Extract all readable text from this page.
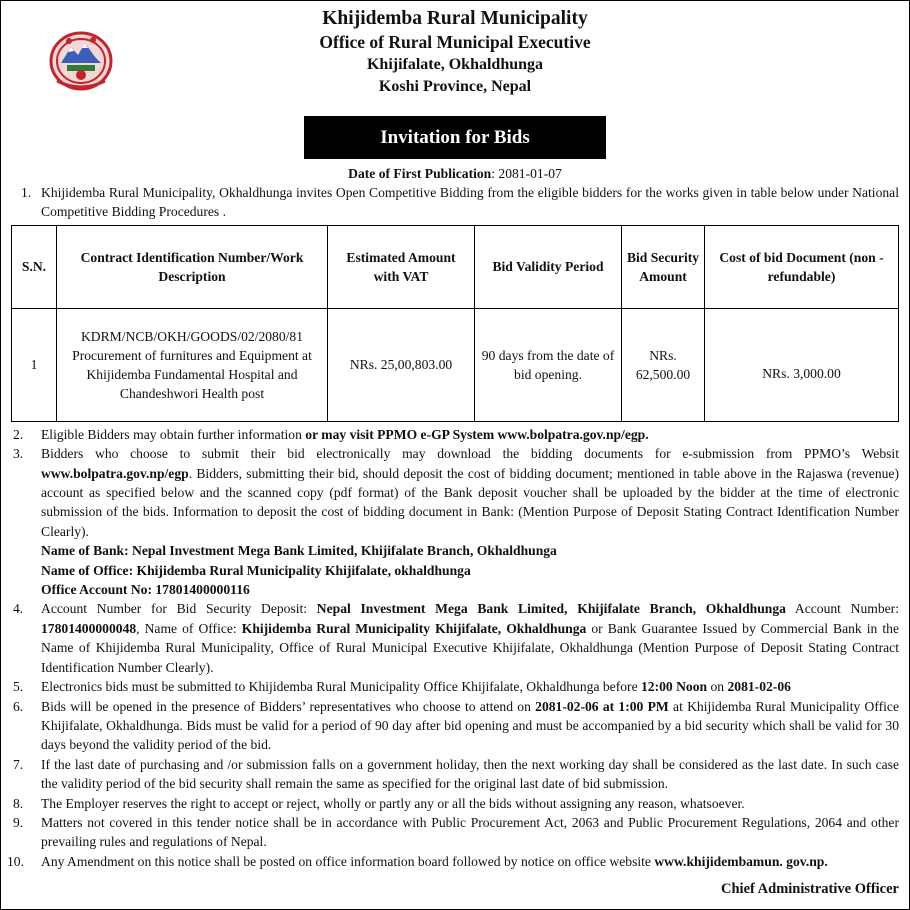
Khijidemba Rural Municipality
Office of Rural Municipal Executive
Khijifalate, Okhaldhunga
Koshi Province, Nepal
Invitation for Bids
Date of First Publication: 2081-01-07
1. Khijidemba Rural Municipality, Okhaldhunga invites Open Competitive Bidding from the eligible bidders for the works given in table below under National Competitive Bidding Procedures .
S.N.	Contract Identification Number/Work Description	Estimated Amount with VAT	Bid Validity Period	Bid Security Amount	Cost of bid Document (non -refundable)
1	KDRM/NCB/OKH/GOODS/02/2080/81 Procurement of furnitures and Equipment at Khijidemba Fundamental Hospital and Chandeshwori Health post	NRs. 25,00,803.00	90 days from the date of bid opening.	NRs. 62,500.00	NRs. 3,000.00
2.	Eligible Bidders may obtain further information or may visit PPMO e-GP System www.bolpatra.gov.np/egp.
3.	Bidders who choose to submit their bid electronically may download the bidding documents for e-submission from PPMO’s Websit www.bolpatra.gov.np/egp. Bidders, submitting their bid, should deposit the cost of bidding document; mentioned in table above in the Rajaswa (revenue) account as specified below and the scanned copy (pdf format) of the Bank deposit voucher shall be uploaded by the bidder at the time of electronic submission of the bids. Information to deposit the cost of bidding document in Bank: (Mention Purpose of Deposit Stating Contract Identification Number Clearly).
Name of Bank: Nepal Investment Mega Bank Limited, Khijifalate Branch, Okhaldhunga
Name of Office: Khijidemba Rural Municipality Khijifalate, okhaldhunga
Office Account No: 17801400000116
4.	Account Number for Bid Security Deposit: Nepal Investment Mega Bank Limited, Khijifalate Branch, Okhaldhunga Account Number: 17801400000048, Name of Office: Khijidemba Rural Municipality Khijifalate, Okhaldhunga or Bank Guarantee Issued by Commercial Bank in the Name of Khijidemba Rural Municipality, Office of Rural Municipal Executive Khijifalate, Okhaldhunga (Mention Purpose of Deposit Stating Contract Identification Number Clearly).
5.	Electronics bids must be submitted to Khijidemba Rural Municipality Office Khijifalate, Okhaldhunga before 12:00 Noon on 2081-02-06
6.	Bids will be opened in the presence of Bidders’ representatives who choose to attend on 2081-02-06 at 1:00 PM at Khijidemba Rural Municipality Office Khijifalate, Okhaldhunga. Bids must be valid for a period of 90 day after bid opening and must be accompanied by a bid security which shall be valid for 30 days beyond the validity period of the bid.
7.	If the last date of purchasing and /or submission falls on a government holiday, then the next working day shall be considered as the last date. In such case the validity period of the bid security shall remain the same as specified for the original last date of bid submission.
8.	The Employer reserves the right to accept or reject, wholly or partly any or all the bids without assigning any reason, whatsoever.
9.	Matters not covered in this tender notice shall be in accordance with Public Procurement Act, 2063 and Public Procurement Regulations, 2064 and other prevailing rules and regulations of Nepal.
10.	Any Amendment on this notice shall be posted on office information board followed by notice on office website www.khijidembamun. gov.np.
Chief Administrative Officer
